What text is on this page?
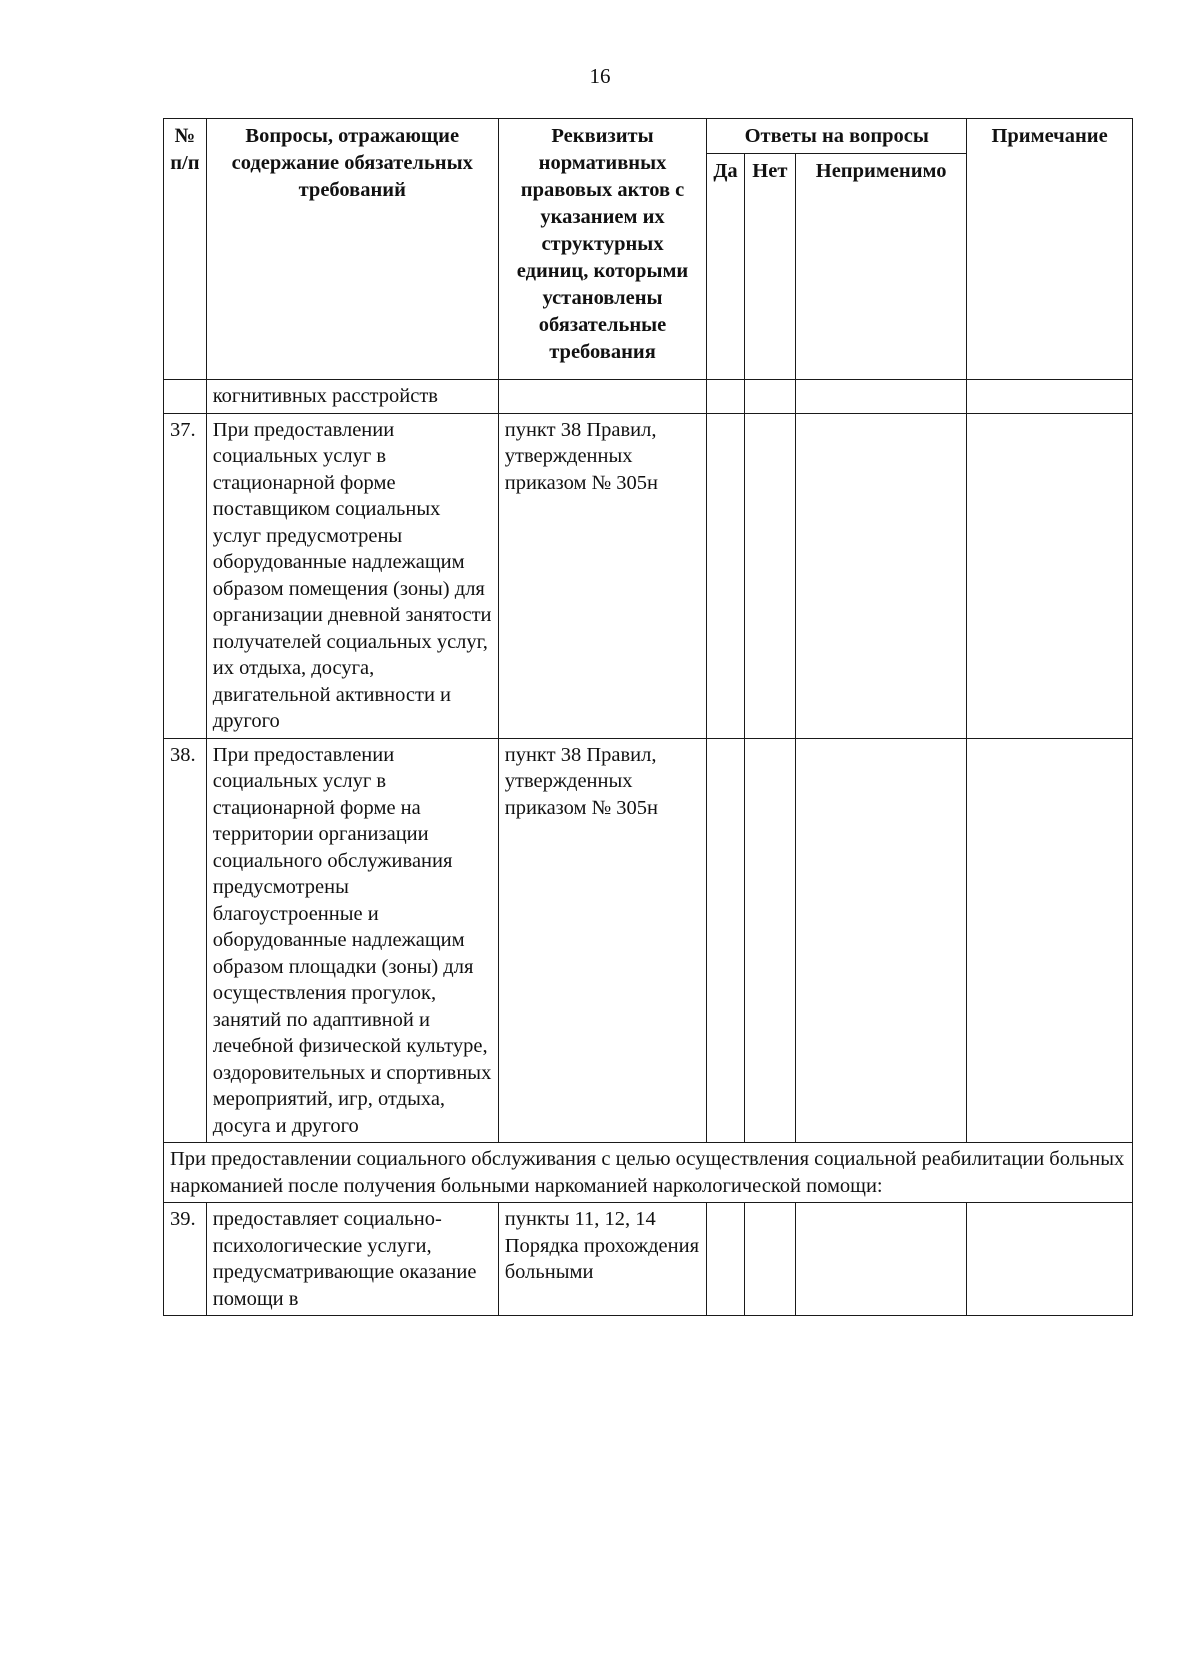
16
№ п/п	Вопросы, отражающие содержание обязательных требований	Реквизиты нормативных правовых актов с указанием их структурных единиц, которыми установлены обязательные требования	Ответы на вопросы			Примечание
			Да	Нет	Неприменимо	
	когнитивных расстройств					
37.	При предоставлении социальных услуг в стационарной форме поставщиком социальных услуг предусмотрены оборудованные надлежащим образом помещения (зоны) для организации дневной занятости получателей социальных услуг, их отдыха, досуга, двигательной активности и другого	пункт 38 Правил, утвержденных приказом № 305н				
38.	При предоставлении социальных услуг в стационарной форме на территории организации социального обслуживания предусмотрены благоустроенные и оборудованные надлежащим образом площадки (зоны) для осуществления прогулок, занятий по адаптивной и лечебной физической культуре, оздоровительных и спортивных мероприятий, игр, отдыха, досуга и другого	пункт 38 Правил, утвержденных приказом № 305н				
При предоставлении социального обслуживания с целью осуществления социальной реабилитации больных наркоманией после получения больными наркоманией наркологической помощи:						
39.	предоставляет социально-психологические услуги, предусматривающие оказание помощи в	пункты 11, 12, 14 Порядка прохождения больными				
